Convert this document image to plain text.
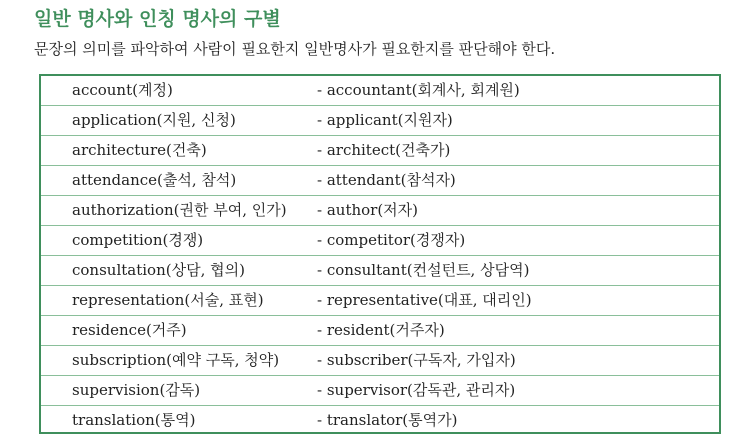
일반 명사와 인칭 명사의 구별
문장의 의미를 파악하여 사람이 필요한지 일반명사가 필요한지를 판단해야 한다.
account(계정)	- accountant(회계사, 회계원)
application(지원, 신청)	- applicant(지원자)
architecture(건축)	- architect(건축가)
attendance(출석, 참석)	- attendant(참석자)
authorization(권한 부여, 인가) - author(저자)
competition(경쟁)	- competitor(경쟁자)
consultation(상담, 협의)	- consultant(컨설턴트, 상담역)
representation(서술, 표현)	- representative(대표, 대리인)
residence(거주)	- resident(거주자)
subscription(예약 구독, 청약)	- subscriber(구독자, 가입자)
supervision(감독)	- supervisor(감독관, 관리자)
translation(통역)	- translator(통역가)
